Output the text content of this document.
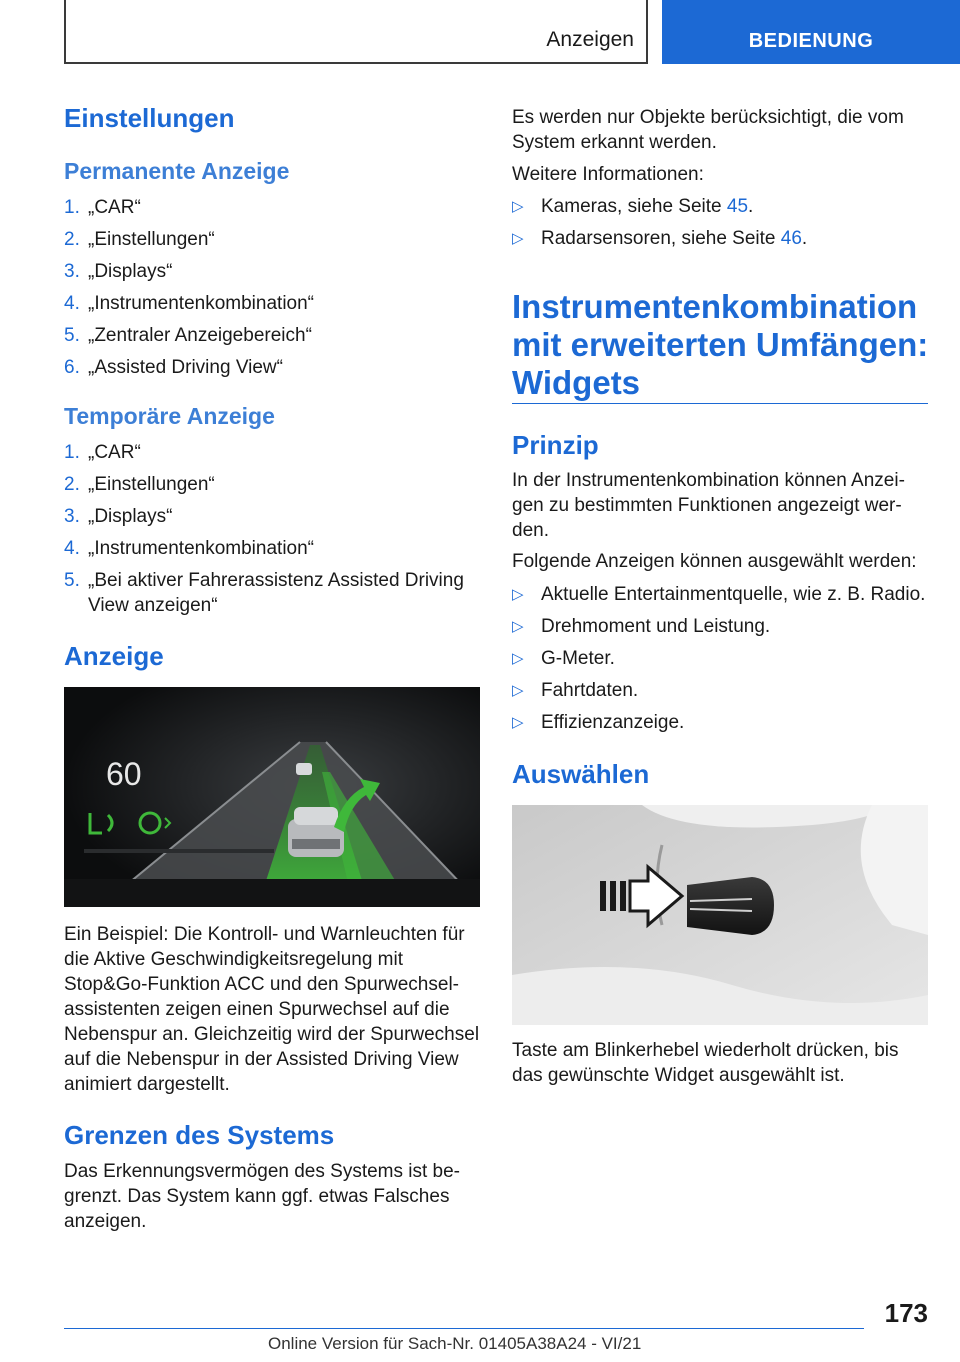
Anzeigen	BEDIENUNG
Einstellungen
Permanente Anzeige
1. „CAR“
2. „Einstellungen“
3. „Displays“
4. „Instrumentenkombination“
5. „Zentraler Anzeigebereich“
6. „Assisted Driving View“
Temporäre Anzeige
1. „CAR“
2. „Einstellungen“
3. „Displays“
4. „Instrumentenkombination“
5. „Bei aktiver Fahrerassistenz Assisted Driving View anzeigen“
Anzeige
60

Ein Beispiel: Die Kontroll- und Warnleuchten für die Aktive Geschwindigkeitsregelung mit Stop&Go-Funktion ACC und den Spurwechsel-assistenten zeigen einen Spurwechsel auf die Nebenspur an. Gleichzeitig wird der Spurwechsel auf die Nebenspur in der Assisted Driving View animiert dargestellt.

Grenzen des Systems

Das Erkennungsvermögen des Systems ist be-grenzt. Das System kann ggf. etwas Falsches anzeigen.

Es werden nur Objekte berücksichtigt, die vom System erkannt werden.

Weitere Informationen:

▷ Kameras, siehe Seite 45.
▷ Radarsensoren, siehe Seite 46.
Instrumentenkombination mit erweiterten Umfängen: Widgets
Prinzip

In der Instrumentenkombination können Anzei-gen zu bestimmten Funktionen angezeigt wer-den.

Folgende Anzeigen können ausgewählt werden:

▷ Aktuelle Entertainmentquelle, wie z. B. Radio.
▷ Drehmoment und Leistung.
▷ G-Meter.
▷ Fahrtdaten.
▷ Effizienzanzeige.
Auswählen

Taste am Blinkerhebel wiederholt drücken, bis das gewünschte Widget ausgewählt ist.

173
Online Version für Sach-Nr. 01405A38A24 - VI/21
